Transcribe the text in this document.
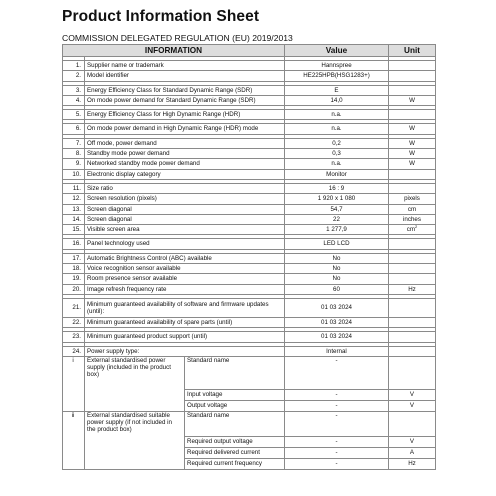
Product Information Sheet
COMMISSION DELEGATED REGULATION (EU) 2019/2013
INFORMATION			Value	Unit

1.	Supplier name or trademark		Hannspree	
2.	Model identifier		HE225HPB(HSG1283+)	

3.	Energy Efficiency Class for Standard Dynamic Range (SDR)		E	
4.	On mode power demand for Standard Dynamic Range (SDR)		14,0	W

5.	Energy Efficiency Class for High Dynamic Range (HDR)		n.a.	

6.	On mode power demand in High Dynamic Range (HDR) mode		n.a.	W

7.	Off mode, power demand		0,2	W
8.	Standby mode power demand		0,3	W
9.	Networked standby mode power demand		n.a.	W
10.	Electronic display category		Monitor	

11.	Size ratio		16 : 9	
12.	Screen resolution (pixels)		1 920 x 1 080	pixels
13.	Screen diagonal		54,7	cm
14.	Screen diagonal		22	inches
15.	Visible screen area		1 277,9	$cm^2$

16.	Panel technology used		LED LCD	

17.	Automatic Brightness Control (ABC) available		No	
18.	Voice recognition sensor available		No	
19.	Room presence sensor available		No	
20.	Image refresh frequency rate		60	Hz

21.	Minimum guaranteed availability of software and firmware updates (until):		01 03 2024	
22.	Minimum guaranteed availability of spare parts (until)		01 03 2024	

23.	Minimum guaranteed product support (until)		01 03 2024	

24.	Power supply type:		Internal	
i	External standardised power supply (included in the product box)	Standard name	-	
		Input voltage	-	V
		Output voltage	-	V
ii	External standardised suitable power supply (if not included in the product box)	Standard name	-	
		Required output voltage	-	V
		Required delivered current	-	A
		Required current frequency	-	Hz
